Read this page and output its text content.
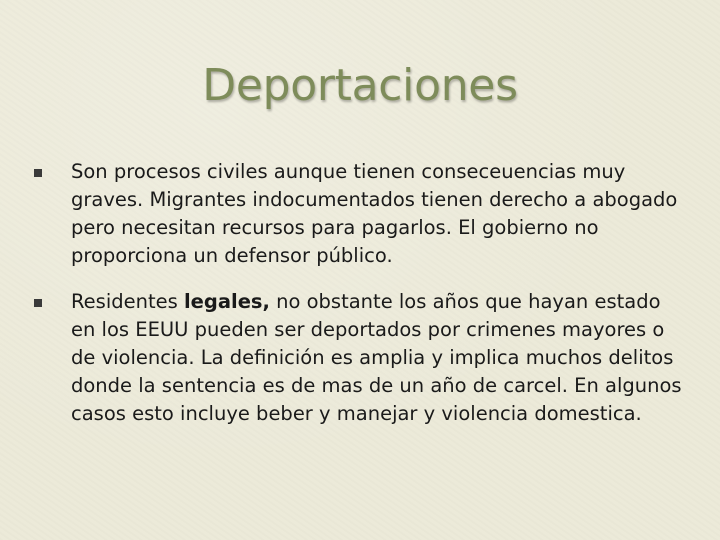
Deportaciones
Son procesos civiles aunque tienen conseceuencias muy graves. Migrantes indocumentados tienen derecho a abogado pero necesitan recursos para pagarlos. El gobierno no proporciona un defensor público.
Residentes legales, no obstante los años que hayan estado en los EEUU pueden ser deportados por crimenes mayores o de violencia. La definición es amplia y implica muchos delitos donde la sentencia es de mas de un año de carcel. En algunos casos esto incluye beber y manejar y violencia domestica.
